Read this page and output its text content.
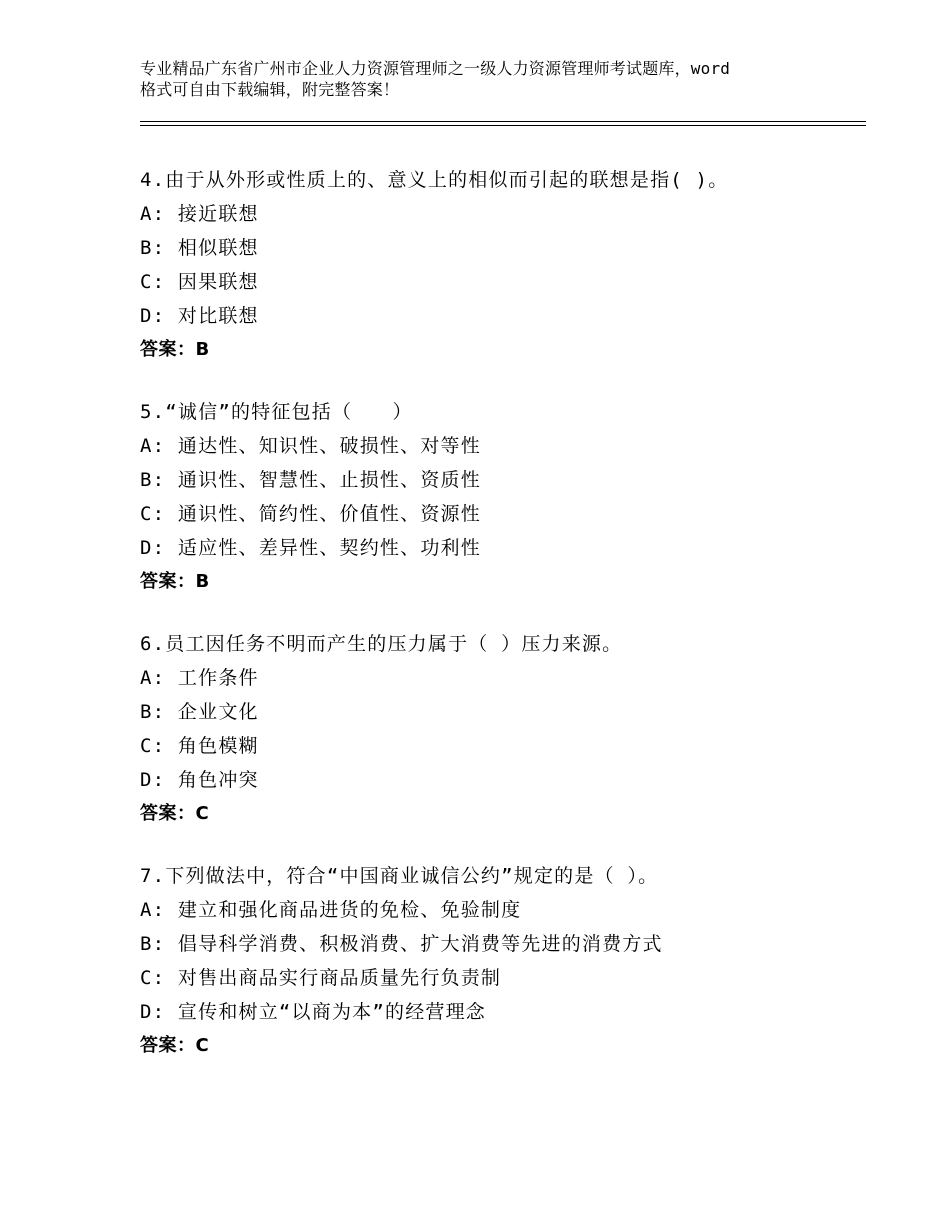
专业精品广东省广州市企业人力资源管理师之一级人力资源管理师考试题库，word
格式可自由下载编辑，附完整答案！
4.由于从外形或性质上的、意义上的相似而引起的联想是指( )。
A: 接近联想
B: 相似联想
C: 因果联想
D: 对比联想
答案：B
5.“诚信”的特征包括（　　）
A: 通达性、知识性、破损性、对等性
B: 通识性、智慧性、止损性、资质性
C: 通识性、简约性、价值性、资源性
D: 适应性、差异性、契约性、功利性
答案：B
6.员工因任务不明而产生的压力属于（ ）压力来源。
A: 工作条件
B: 企业文化
C: 角色模糊
D: 角色冲突
答案：C
7.下列做法中，符合“中国商业诚信公约”规定的是（ ）。
A: 建立和强化商品进货的免检、免验制度
B: 倡导科学消费、积极消费、扩大消费等先进的消费方式
C: 对售出商品实行商品质量先行负责制
D: 宣传和树立“以商为本”的经营理念
答案：C
